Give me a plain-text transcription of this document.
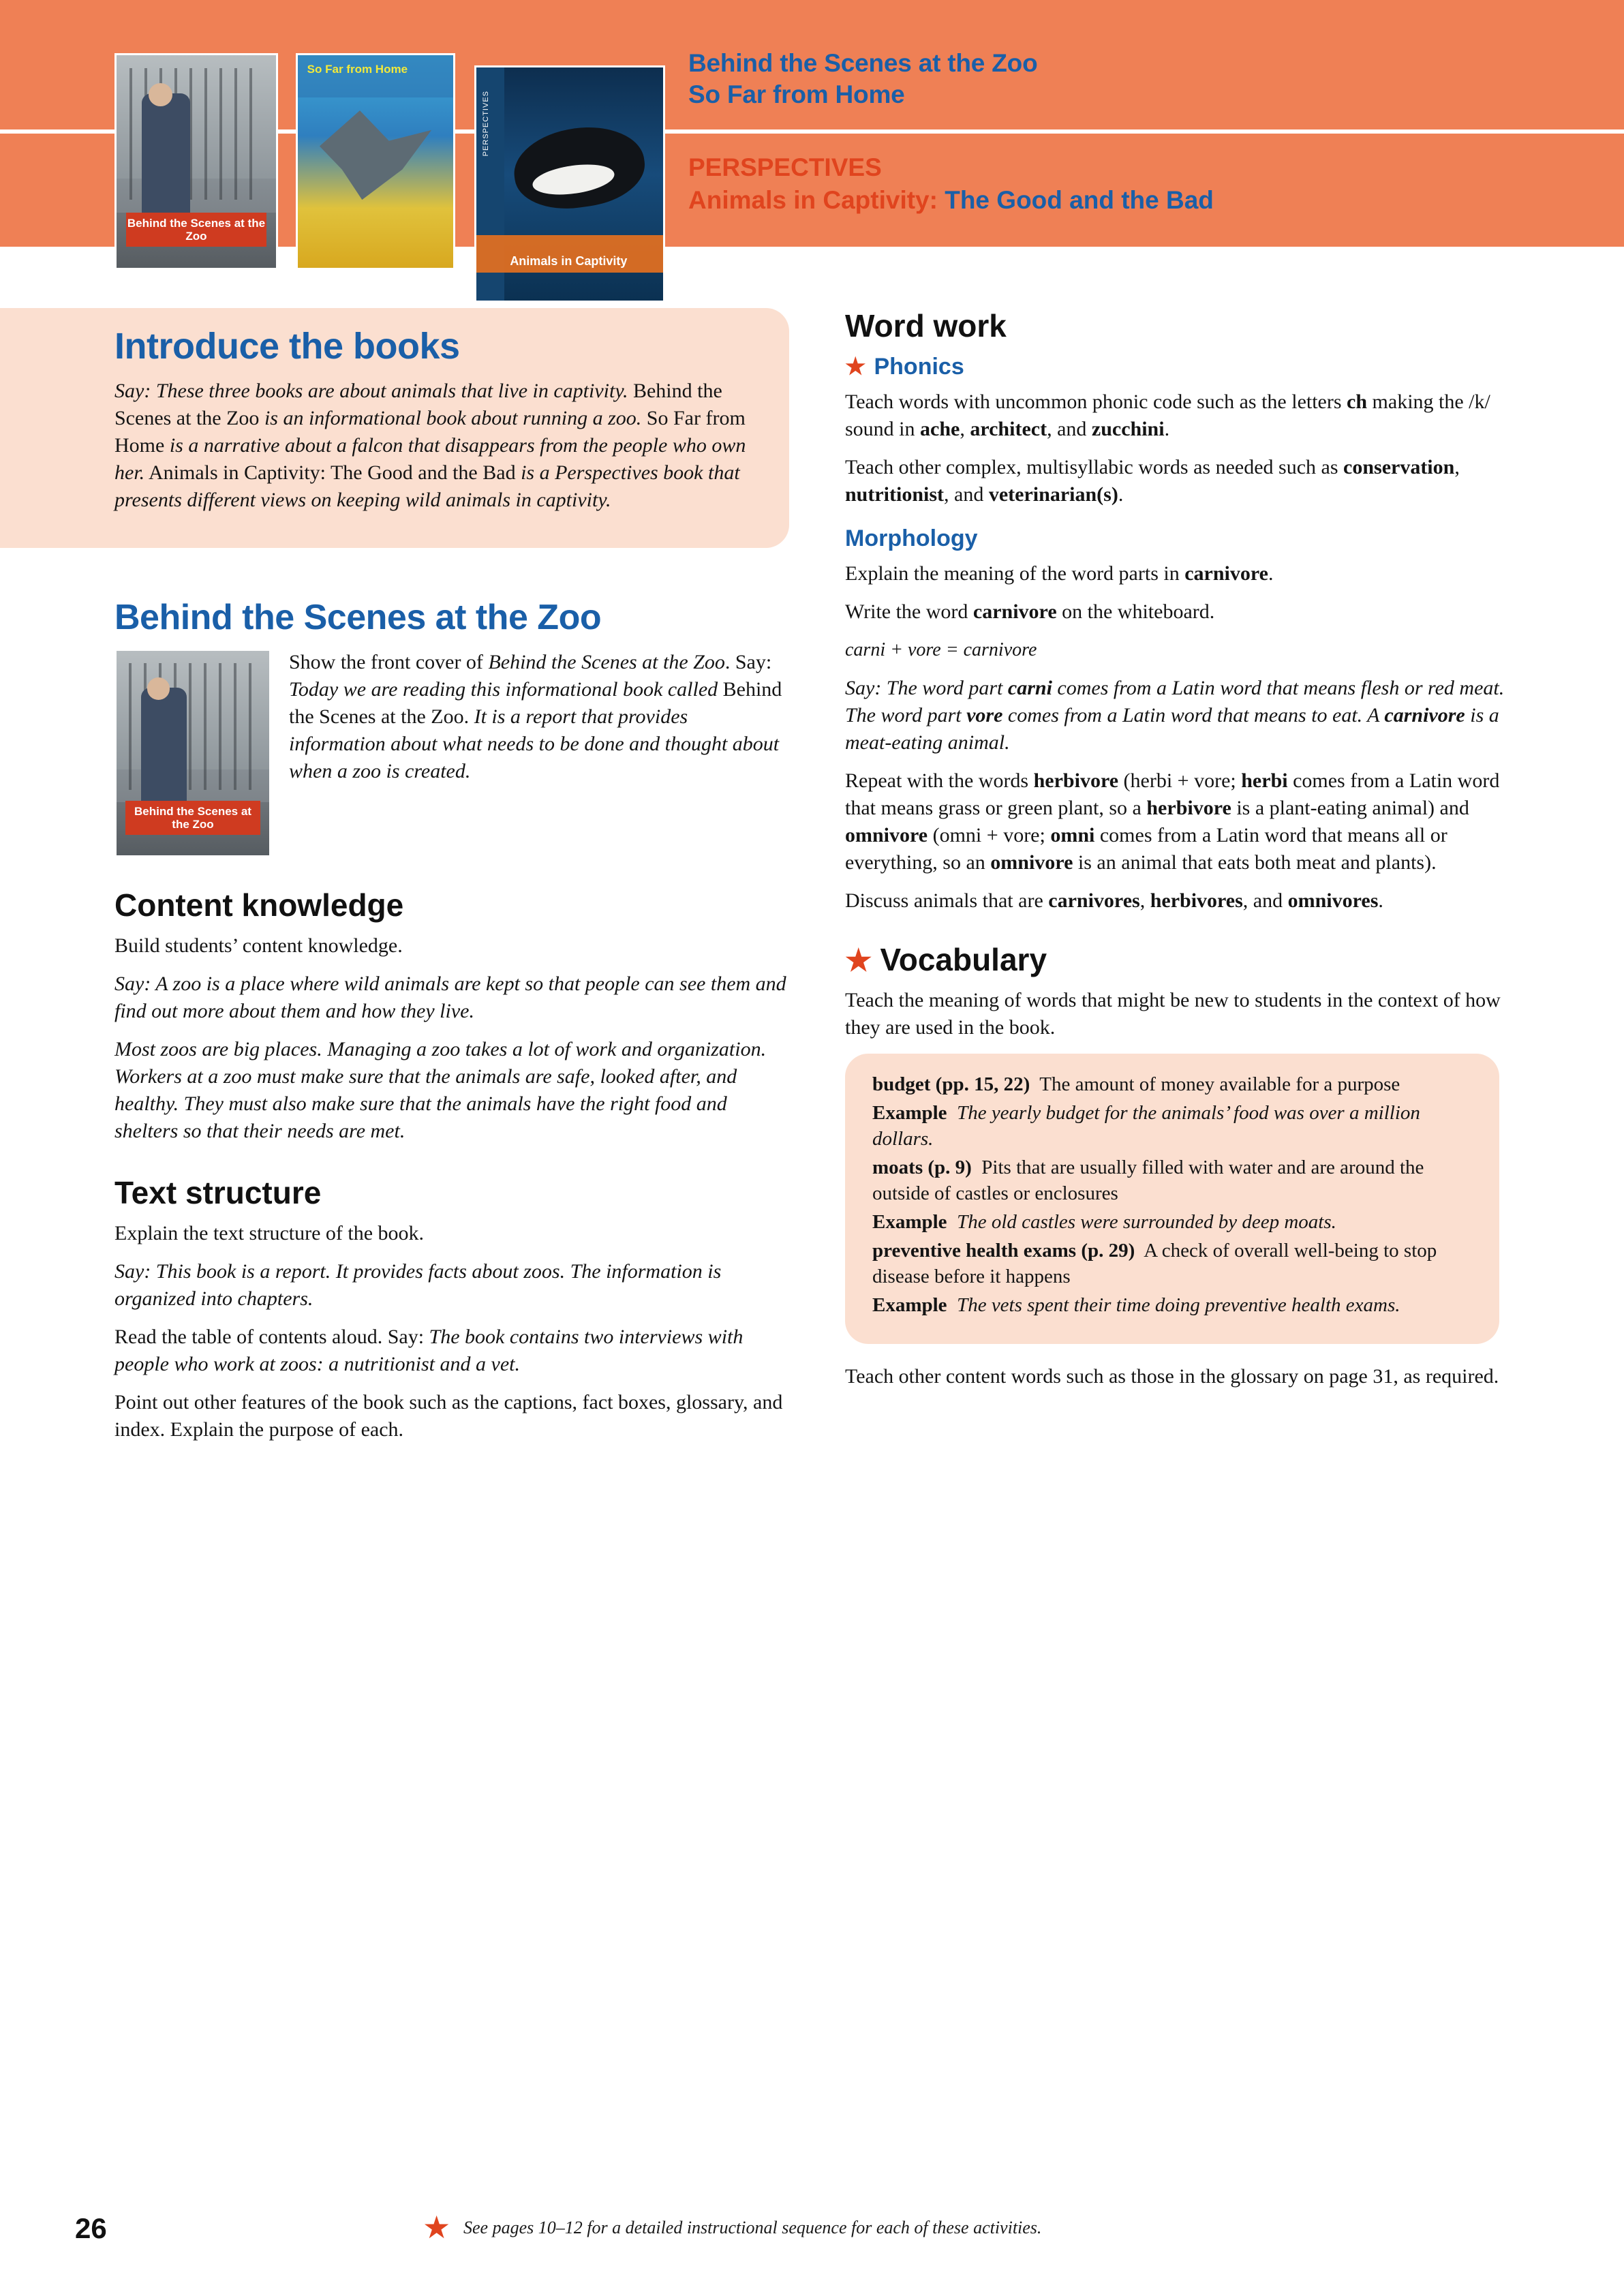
Behind the Scenes at the Zoo
So Far from Home
PERSPECTIVES
Animals in Captivity
Behind the Scenes at the Zoo
So Far from Home
PERSPECTIVES
Animals in Captivity: The Good and the Bad
Introduce the books

Say: These three books are about animals that live in captivity. Behind the Scenes at the Zoo is an informational book about running a zoo. So Far from Home is a narrative about a falcon that disappears from the people who own her. Animals in Captivity: The Good and the Bad is a Perspectives book that presents different views on keeping wild animals in captivity.

Behind the Scenes at the Zoo
Behind the Scenes at the Zoo

Show the front cover of Behind the Scenes at the Zoo. Say: Today we are reading this informational book called Behind the Scenes at the Zoo. It is a report that provides information about what needs to be done and thought about when a zoo is created.

Content knowledge

Build students’ content knowledge.

Say: A zoo is a place where wild animals are kept so that people can see them and find out more about them and how they live.

Most zoos are big places. Managing a zoo takes a lot of work and organization. Workers at a zoo must make sure that the animals are safe, looked after, and healthy. They must also make sure that the animals have the right food and shelters so that their needs are met.

Text structure

Explain the text structure of the book.

Say: This book is a report. It provides facts about zoos. The information is organized into chapters.

Read the table of contents aloud. Say: The book contains two interviews with people who work at zoos: a nutritionist and a vet.

Point out other features of the book such as the captions, fact boxes, glossary, and index. Explain the purpose of each.

Word work
★ Phonics

Teach words with uncommon phonic code such as the letters ch making the /k/ sound in ache, architect, and zucchini.

Teach other complex, multisyllabic words as needed such as conservation, nutritionist, and veterinarian(s).

Morphology

Explain the meaning of the word parts in carnivore.

Write the word carnivore on the whiteboard.

carni + vore = carnivore

Say: The word part carni comes from a Latin word that means flesh or red meat. The word part vore comes from a Latin word that means to eat. A carnivore is a meat-eating animal.

Repeat with the words herbivore (herbi + vore; herbi comes from a Latin word that means grass or green plant, so a herbivore is a plant-eating animal) and omnivore (omni + vore; omni comes from a Latin word that means all or everything, so an omnivore is an animal that eats both meat and plants).

Discuss animals that are carnivores, herbivores, and omnivores.

★ Vocabulary

Teach the meaning of words that might be new to students in the context of how they are used in the book.

budget (pp. 15, 22) The amount of money available for a purpose

Example The yearly budget for the animals’ food was over a million dollars.

moats (p. 9) Pits that are usually filled with water and are around the outside of castles or enclosures

Example The old castles were surrounded by deep moats.

preventive health exams (p. 29) A check of overall well-being to stop disease before it happens

Example The vets spent their time doing preventive health exams.

Teach other content words such as those in the glossary on page 31, as required.

26	★ See pages 10–12 for a detailed instructional sequence for each of these activities.
